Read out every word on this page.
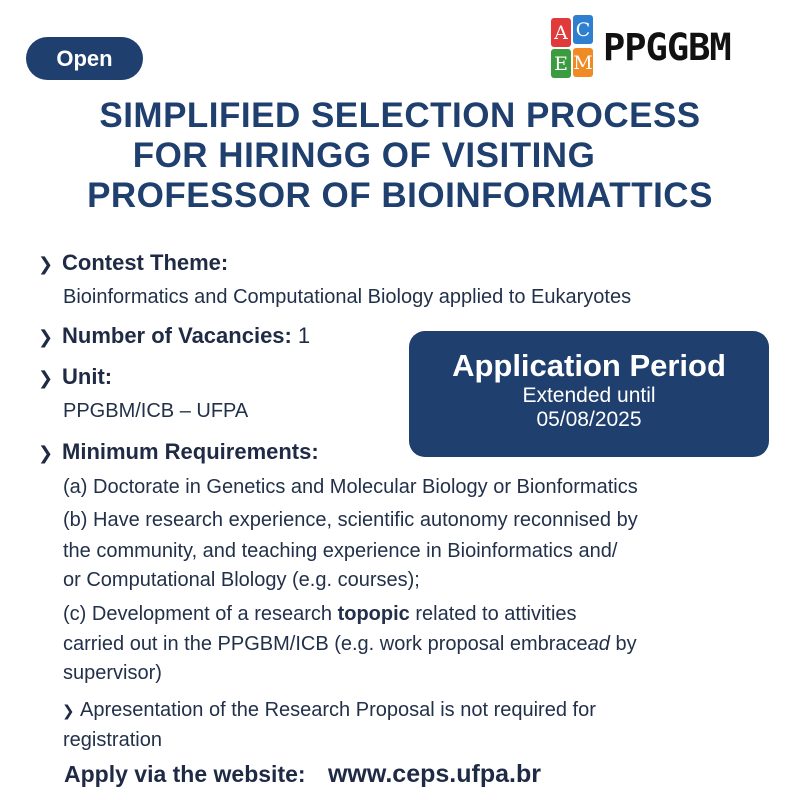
Open
A C
E M PPGGBM
SIMPLIFIED SELECTION PROCESS
FOR HIRINGG OF VISITING
PROFESSOR OF BIOINFORMATTICS
❯ Contest Theme:
Bioinformatics and Computational Biology applied to Eukaryotes
❯ Number of Vacancies: 1
❯ Unit:
PPGBM/ICB – UFPA
❯ Minimum Requirements:
(a) Doctorate in Genetics and Molecular Biology or Bionformatics
(b) Have research experience, scientific autonomy reconnised by
the community, and teaching experience in Bioinformatics and/
or Computational Blology (e.g. courses);
(c) Development of a research topopic related to attivities
carried out in the PPGBM/ICB (e.g. work proposal embracead by
supervisor)
❯ Apresentation of the Research Proposal is not required for
registration
Application Period
Extended until
05/08/2025
Apply via the website: www.ceps.ufpa.br
